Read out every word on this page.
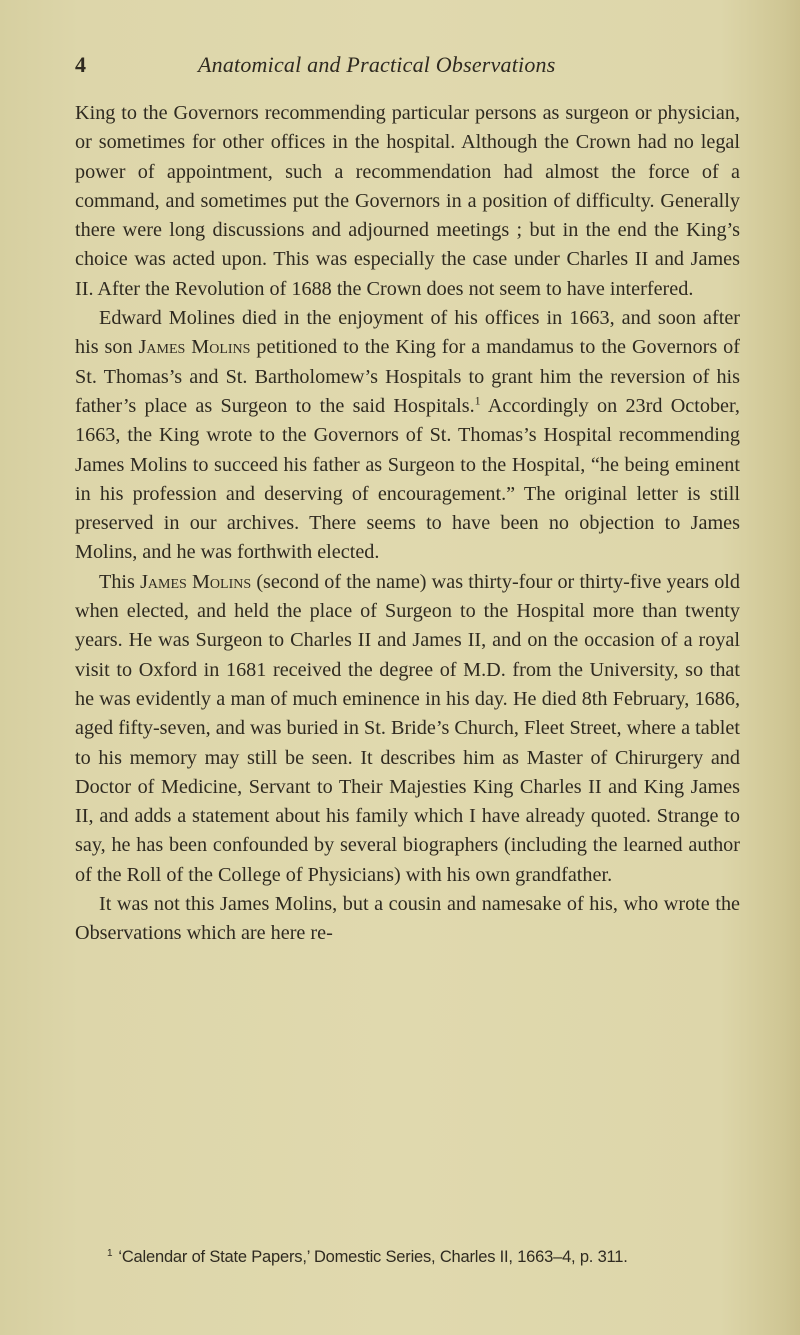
4	Anatomical and Practical Observations

King to the Governors recommending particular persons as surgeon or physician, or sometimes for other offices in the hospital. Although the Crown had no legal power of appointment, such a recommendation had almost the force of a command, and sometimes put the Governors in a position of difficulty. Generally there were long discussions and adjourned meetings ; but in the end the King’s choice was acted upon. This was especially the case under Charles II and James II. After the Revolution of 1688 the Crown does not seem to have interfered.

Edward Molines died in the enjoyment of his offices in 1663, and soon after his son James Molins petitioned to the King for a mandamus to the Governors of St. Thomas’s and St. Bartholomew’s Hospitals to grant him the reversion of his father’s place as Surgeon to the said Hospitals.$^1$ Accordingly on 23rd October, 1663, the King wrote to the Governors of St. Thomas’s Hospital recommending James Molins to succeed his father as Surgeon to the Hospital, “he being eminent in his profession and deserving of encouragement.” The original letter is still preserved in our archives. There seems to have been no objection to James Molins, and he was forthwith elected.

This James Molins (second of the name) was thirty-four or thirty-five years old when elected, and held the place of Surgeon to the Hospital more than twenty years. He was Surgeon to Charles II and James II, and on the occasion of a royal visit to Oxford in 1681 received the degree of M.D. from the University, so that he was evidently a man of much eminence in his day. He died 8th February, 1686, aged fifty-seven, and was buried in St. Bride’s Church, Fleet Street, where a tablet to his memory may still be seen. It describes him as Master of Chirurgery and Doctor of Medicine, Servant to Their Majesties King Charles II and King James II, and adds a statement about his family which I have already quoted. Strange to say, he has been confounded by several biographers (including the learned author of the Roll of the College of Physicians) with his own grandfather.

It was not this James Molins, but a cousin and namesake of his, who wrote the Observations which are here re-

$^1$ ‘Calendar of State Papers,’ Domestic Series, Charles II, 1663–4, p. 311.
